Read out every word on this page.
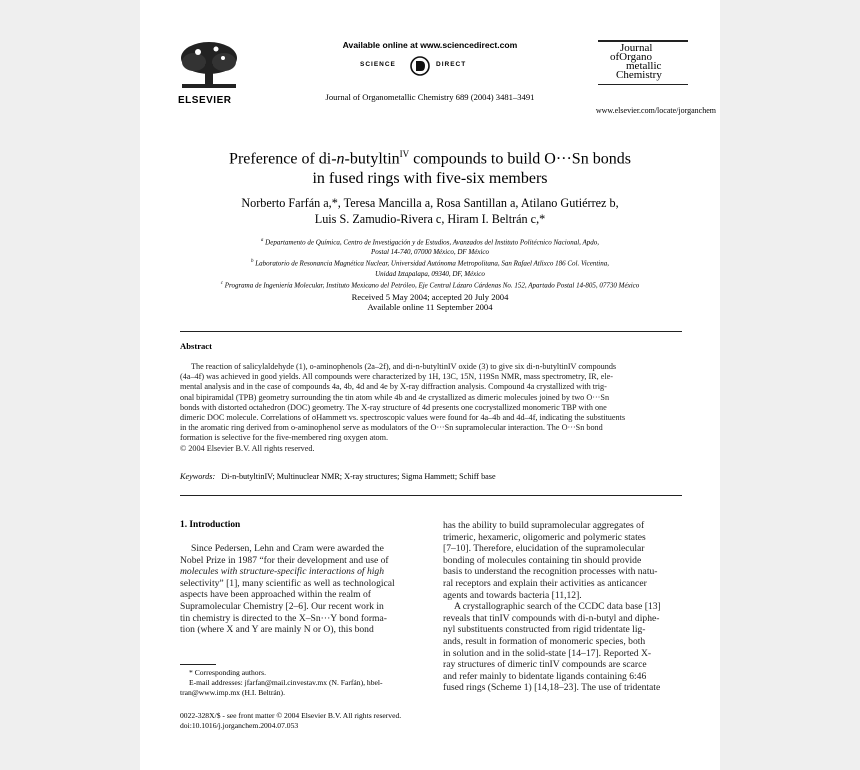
ELSEVIER
Available online at www.sciencedirect.com
SCIENCE	DIRECT
Journal of Organometallic Chemistry 689 (2004) 3481–3491
Journal
ofOrgano
metallic
Chemistry
www.elsevier.com/locate/jorganchem
Preference of di-n-butyltin$^{IV}$ compounds to build O···Sn bonds
in fused rings with five-six members
Norberto Farfán a,*, Teresa Mancilla a, Rosa Santillan a, Atilano Gutiérrez b,
Luis S. Zamudio-Rivera c, Hiram I. Beltrán c,*
$^a$ Departamento de Química, Centro de Investigación y de Estudios, Avanzados del Instituto Politécnico Nacional, Apdo,
Postal 14-740, 07000 México, DF México
$^b$ Laboratorio de Resonancia Magnética Nuclear, Universidad Autónoma Metropolitana, San Rafael Atlixco 186 Col. Vicentina,
Unidad Iztapalapa, 09340, DF, México
$^c$ Programa de Ingeniería Molecular, Instituto Mexicano del Petróleo, Eje Central Lázaro Cárdenas No. 152, Apartado Postal 14-805, 07730 México
Received 5 May 2004; accepted 20 July 2004
Available online 11 September 2004
Abstract
The reaction of salicylaldehyde (1), o-aminophenols (2a–2f), and di-n-butyltinIV oxide (3) to give six di-n-butyltinIV compounds
(4a–4f) was achieved in good yields. All compounds were characterized by 1H, 13C, 15N, 119Sn NMR, mass spectrometry, IR, ele-
mental analysis and in the case of compounds 4a, 4b, 4d and 4e by X-ray diffraction analysis. Compound 4a crystallized with trig-
onal bipiramidal (TPB) geometry surrounding the tin atom while 4b and 4e crystallized as dimeric molecules joined by two O···Sn
bonds with distorted octahedron (DOC) geometry. The X-ray structure of 4d presents one cocrystallized monomeric TBP with one
dimeric DOC molecule. Correlations of σHammett vs. spectroscopic values were found for 4a–4b and 4d–4f, indicating the substituents
in the aromatic ring derived from o-aminophenol serve as modulators of the O···Sn supramolecular interaction. The O···Sn bond
formation is selective for the five-membered ring oxygen atom.
© 2004 Elsevier B.V. All rights reserved.
Keywords: Di-n-butyltinIV; Multinuclear NMR; X-ray structures; Sigma Hammett; Schiff base
1. Introduction
Since Pedersen, Lehn and Cram were awarded the
Nobel Prize in 1987 “for their development and use of
molecules with structure-specific interactions of high
selectivity” [1], many scientific as well as technological
aspects have been approached within the realm of
Supramolecular Chemistry [2–6]. Our recent work in
tin chemistry is directed to the X–Sn···Y bond forma-
tion (where X and Y are mainly N or O), this bond
has the ability to build supramolecular aggregates of
trimeric, hexameric, oligomeric and polymeric states
[7–10]. Therefore, elucidation of the supramolecular
bonding of molecules containing tin should provide
basis to understand the recognition processes with natu-
ral receptors and explain their activities as anticancer
agents and towards bacteria [11,12].
A crystallographic search of the CCDC data base [13]
reveals that tinIV compounds with di-n-butyl and diphe-
nyl substituents constructed from rigid tridentate lig-
ands, result in formation of monomeric species, both
in solution and in the solid-state [14–17]. Reported X-
ray structures of dimeric tinIV compounds are scarce
and refer mainly to bidentate ligands containing 6:46
fused rings (Scheme 1) [14,18–23]. The use of tridentate
* Corresponding authors.
E-mail addresses: jfarfan@mail.cinvestav.mx (N. Farfán), hbel-
tran@www.imp.mx (H.I. Beltrán).
0022-328X/$ - see front matter © 2004 Elsevier B.V. All rights reserved.
doi:10.1016/j.jorganchem.2004.07.053
